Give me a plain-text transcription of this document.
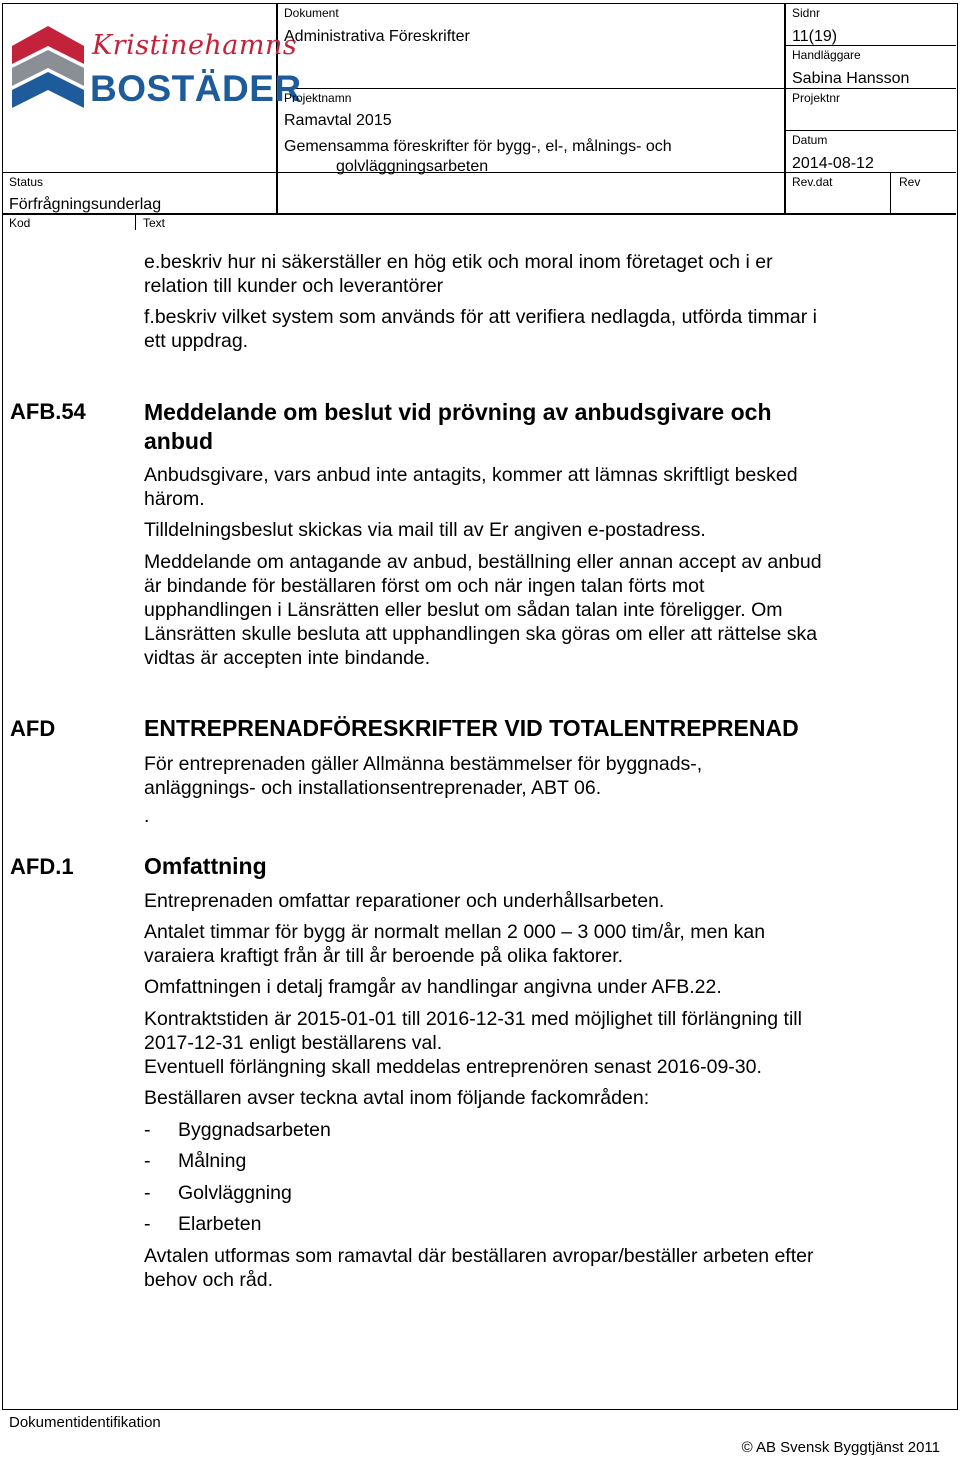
Kristinehamns
BOSTÄDER
Dokument
Administrativa Föreskrifter
Sidnr
11(19)
Handläggare
Sabina Hansson
Projektnamn
Ramavtal 2015
Gemensamma föreskrifter för bygg-, el-, målnings- och
golvläggningsarbeten
Projektnr
Datum
2014-08-12
Status
Förfrågningsunderlag
Rev.dat	Rev
Kod	Text
e.beskriv hur ni säkerställer en hög etik och moral inom företaget och i er
relation till kunder och leverantörer
f.beskriv vilket system som används för att verifiera nedlagda, utförda timmar i
ett uppdrag.
AFB.54	Meddelande om beslut vid prövning av anbudsgivare och
anbud
Anbudsgivare, vars anbud inte antagits, kommer att lämnas skriftligt besked
härom.
Tilldelningsbeslut skickas via mail till av Er angiven e-postadress.
Meddelande om antagande av anbud, beställning eller annan accept av anbud
är bindande för beställaren först om och när ingen talan förts mot
upphandlingen i Länsrätten eller beslut om sådan talan inte föreligger. Om
Länsrätten skulle besluta att upphandlingen ska göras om eller att rättelse ska
vidtas är accepten inte bindande.
AFD	ENTREPRENADFÖRESKRIFTER VID TOTALENTREPRENAD
För entreprenaden gäller Allmänna bestämmelser för byggnads-,
anläggnings- och installationsentreprenader, ABT 06.
.
AFD.1	Omfattning
Entreprenaden omfattar reparationer och underhållsarbeten.
Antalet timmar för bygg är normalt mellan 2 000 – 3 000 tim/år, men kan
varaiera kraftigt från år till år beroende på olika faktorer.
Omfattningen i detalj framgår av handlingar angivna under AFB.22.
Kontraktstiden är 2015-01-01 till 2016-12-31 med möjlighet till förlängning till
2017-12-31 enligt beställarens val.
Eventuell förlängning skall meddelas entreprenören senast 2016-09-30.
Beställaren avser teckna avtal inom följande fackområden:
- Byggnadsarbeten
- Målning
- Golvläggning
- Elarbeten
Avtalen utformas som ramavtal där beställaren avropar/beställer arbeten efter
behov och råd.
Dokumentidentifikation
© AB Svensk Byggtjänst 2011
